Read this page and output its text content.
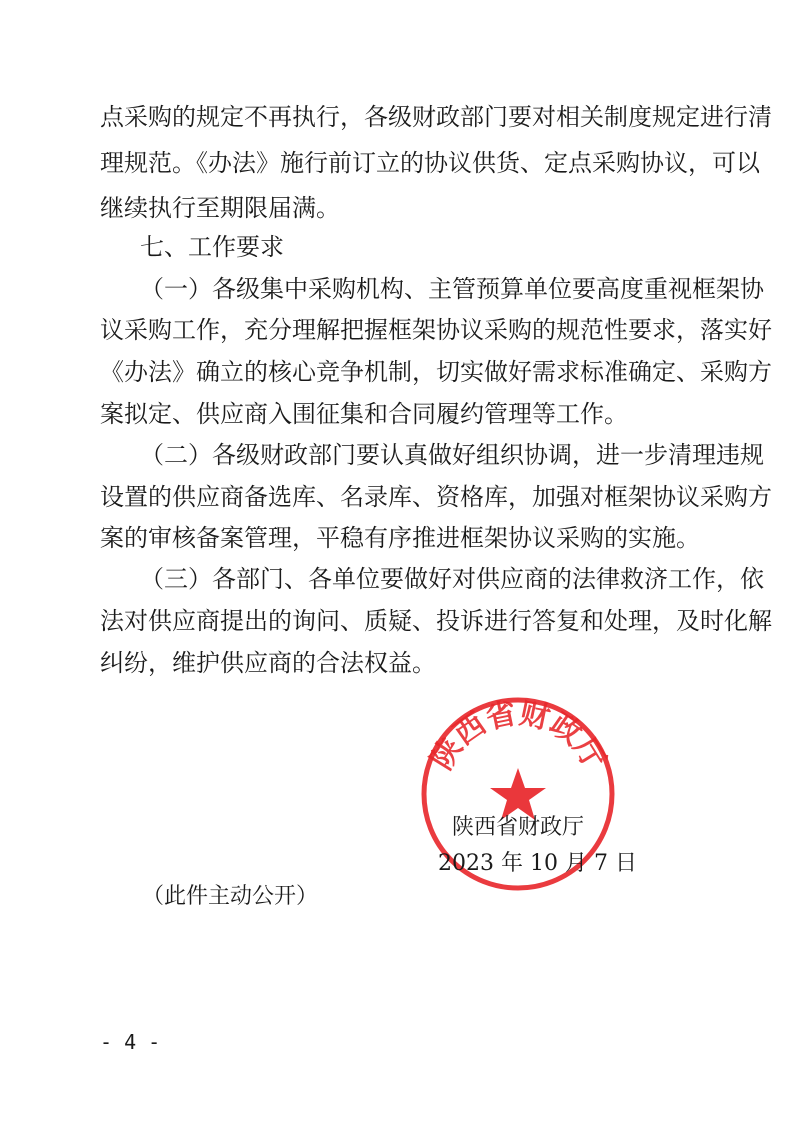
点采购的规定不再执行，各级财政部门要对相关制度规定进行清
理规范。《办法》施行前订立的协议供货、定点采购协议，可以
继续执行至期限届满。
七、工作要求
（一）各级集中采购机构、主管预算单位要高度重视框架协
议采购工作，充分理解把握框架协议采购的规范性要求，落实好
《办法》确立的核心竞争机制，切实做好需求标准确定、采购方
案拟定、供应商入围征集和合同履约管理等工作。
（二）各级财政部门要认真做好组织协调，进一步清理违规
设置的供应商备选库、名录库、资格库，加强对框架协议采购方
案的审核备案管理，平稳有序推进框架协议采购的实施。
（三）各部门、各单位要做好对供应商的法律救济工作，依
法对供应商提出的询问、质疑、投诉进行答复和处理，及时化解
纠纷，维护供应商的合法权益。
陕西省财政厅
陕西省财政厅
2023 年 10 月 7 日
（此件主动公开）
- 4 -
